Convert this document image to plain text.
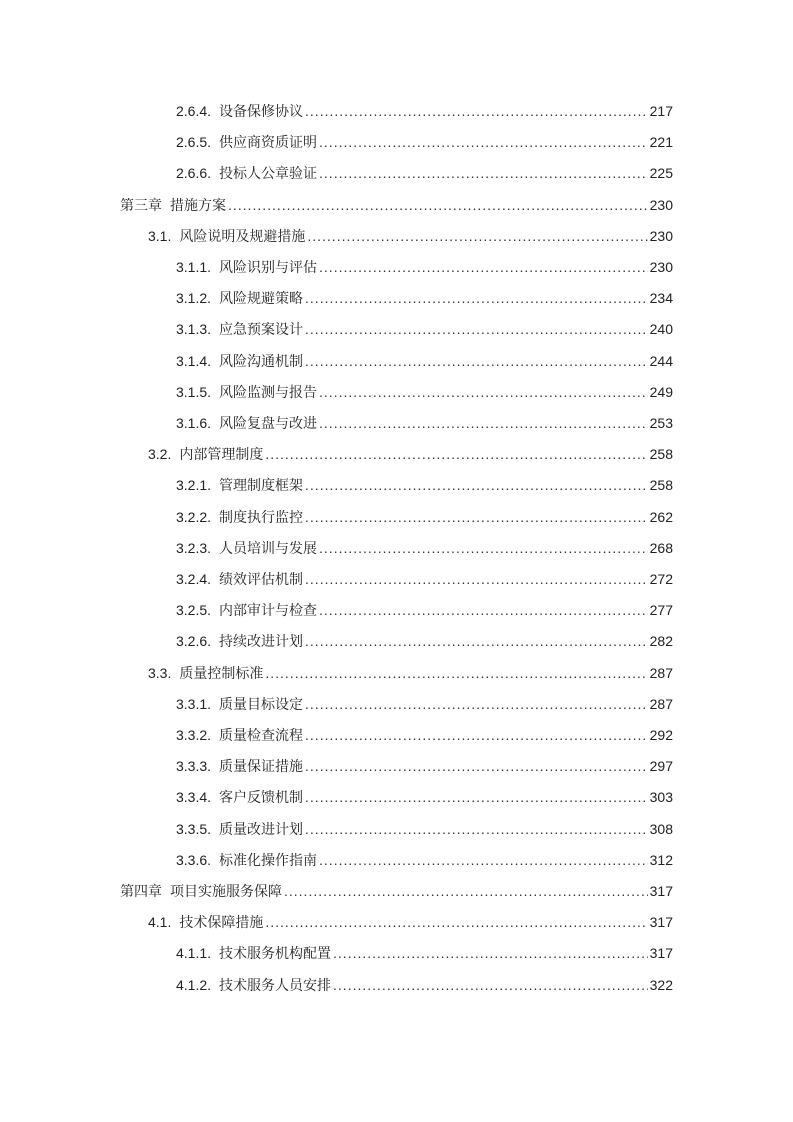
2.6.4. 设备保修协议 .....	217
2.6.5. 供应商资质证明 .....	221
2.6.6. 投标人公章验证 .....	225
第三章 措施方案 .....	230
3.1. 风险说明及规避措施 .....	230
3.1.1. 风险识别与评估 .....	230
3.1.2. 风险规避策略 .....	234
3.1.3. 应急预案设计 .....	240
3.1.4. 风险沟通机制 .....	244
3.1.5. 风险监测与报告 .....	249
3.1.6. 风险复盘与改进 .....	253
3.2. 内部管理制度 .....	258
3.2.1. 管理制度框架 .....	258
3.2.2. 制度执行监控 .....	262
3.2.3. 人员培训与发展 .....	268
3.2.4. 绩效评估机制 .....	272
3.2.5. 内部审计与检查 .....	277
3.2.6. 持续改进计划 .....	282
3.3. 质量控制标准 .....	287
3.3.1. 质量目标设定 .....	287
3.3.2. 质量检查流程 .....	292
3.3.3. 质量保证措施 .....	297
3.3.4. 客户反馈机制 .....	303
3.3.5. 质量改进计划 .....	308
3.3.6. 标准化操作指南 .....	312
第四章 项目实施服务保障 .....	317
4.1. 技术保障措施 .....	317
4.1.1. 技术服务机构配置 .....	317
4.1.2. 技术服务人员安排 .....	322
